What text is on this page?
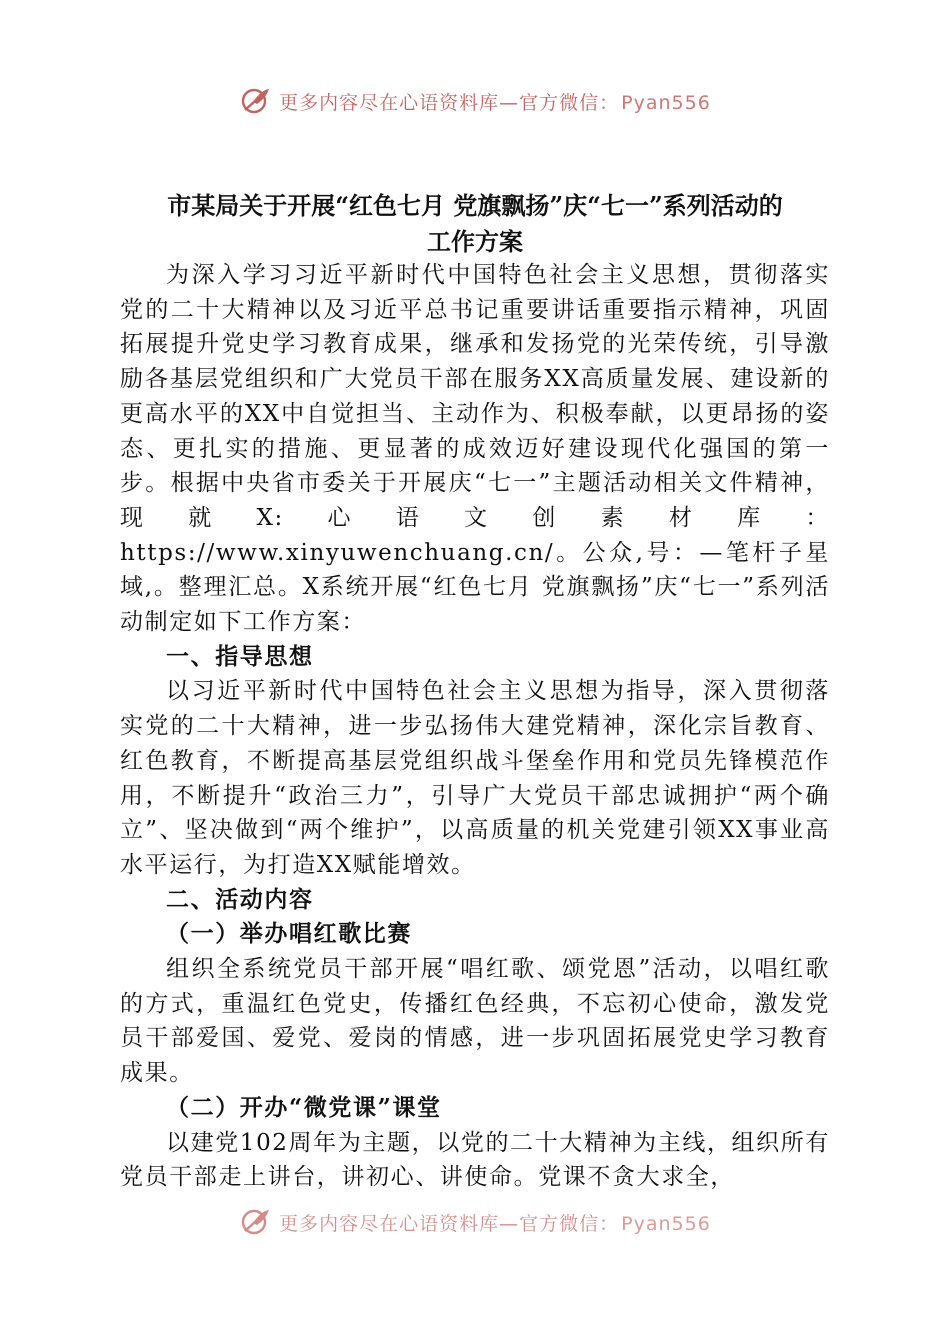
更多内容尽在心语资料库—官方微信： Pyan556
市某局关于开展“红色七月 党旗飘扬”庆“七一”系列活动的
工作方案

为深入学习习近平新时代中国特色社会主义思想，贯彻落实党的二十大精神以及习近平总书记重要讲话重要指示精神，巩固拓展提升党史学习教育成果，继承和发扬党的光荣传统，引导激励各基层党组织和广大党员干部在服务XX高质量发展、建设新的更高水平的XX中自觉担当、主动作为、积极奉献，以更昂扬的姿态、更扎实的措施、更显著的成效迈好建设现代化强国的第一步。根据中央省市委关于开展庆“七一”主题活动相关文件精神，现就X:心语文创素材库：https://www.xinyuwenchuang.cn/。公众,号：—笔杆子星域,。整理汇总。X系统开展“红色七月 党旗飘扬”庆“七一”系列活动制定如下工作方案：

一、指导思想

以习近平新时代中国特色社会主义思想为指导，深入贯彻落实党的二十大精神，进一步弘扬伟大建党精神，深化宗旨教育、红色教育，不断提高基层党组织战斗堡垒作用和党员先锋模范作用，不断提升“政治三力”，引导广大党员干部忠诚拥护“两个确立”、坚决做到“两个维护”，以高质量的机关党建引领XX事业高水平运行，为打造XX赋能增效。

二、活动内容

（一）举办唱红歌比赛

组织全系统党员干部开展“唱红歌、颂党恩”活动，以唱红歌的方式，重温红色党史，传播红色经典，不忘初心使命，激发党员干部爱国、爱党、爱岗的情感，进一步巩固拓展党史学习教育成果。

（二）开办“微党课”课堂

以建党102周年为主题，以党的二十大精神为主线，组织所有党员干部走上讲台，讲初心、讲使命。党课不贪大求全，

更多内容尽在心语资料库—官方微信： Pyan556
